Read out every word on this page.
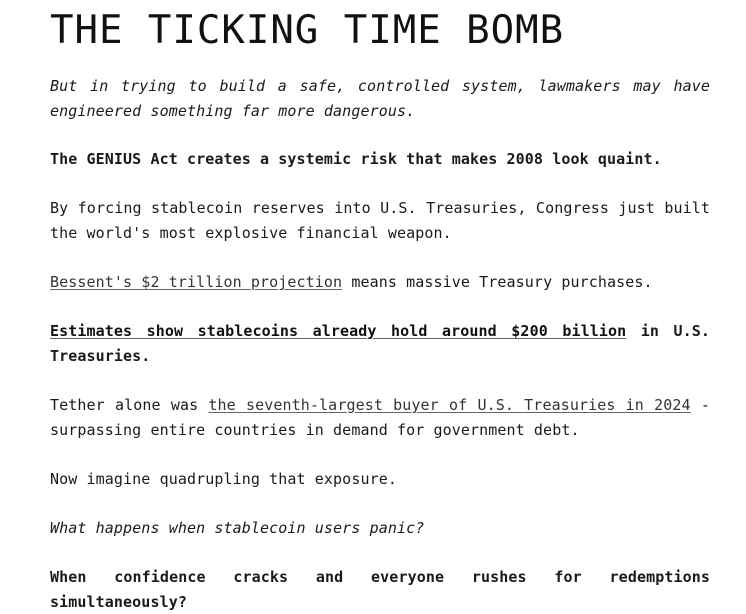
THE TICKING TIME BOMB

But in trying to build a safe, controlled system, lawmakers may have engineered something far more dangerous.

The GENIUS Act creates a systemic risk that makes 2008 look quaint.

By forcing stablecoin reserves into U.S. Treasuries, Congress just built the world's most explosive financial weapon.

Bessent's $2 trillion projection means massive Treasury purchases.

Estimates show stablecoins already hold around $200 billion in U.S. Treasuries.

Tether alone was the seventh-largest buyer of U.S. Treasuries in 2024 - surpassing entire countries in demand for government debt.

Now imagine quadrupling that exposure.

What happens when stablecoin users panic?

When confidence cracks and everyone rushes for redemptions simultaneously?
